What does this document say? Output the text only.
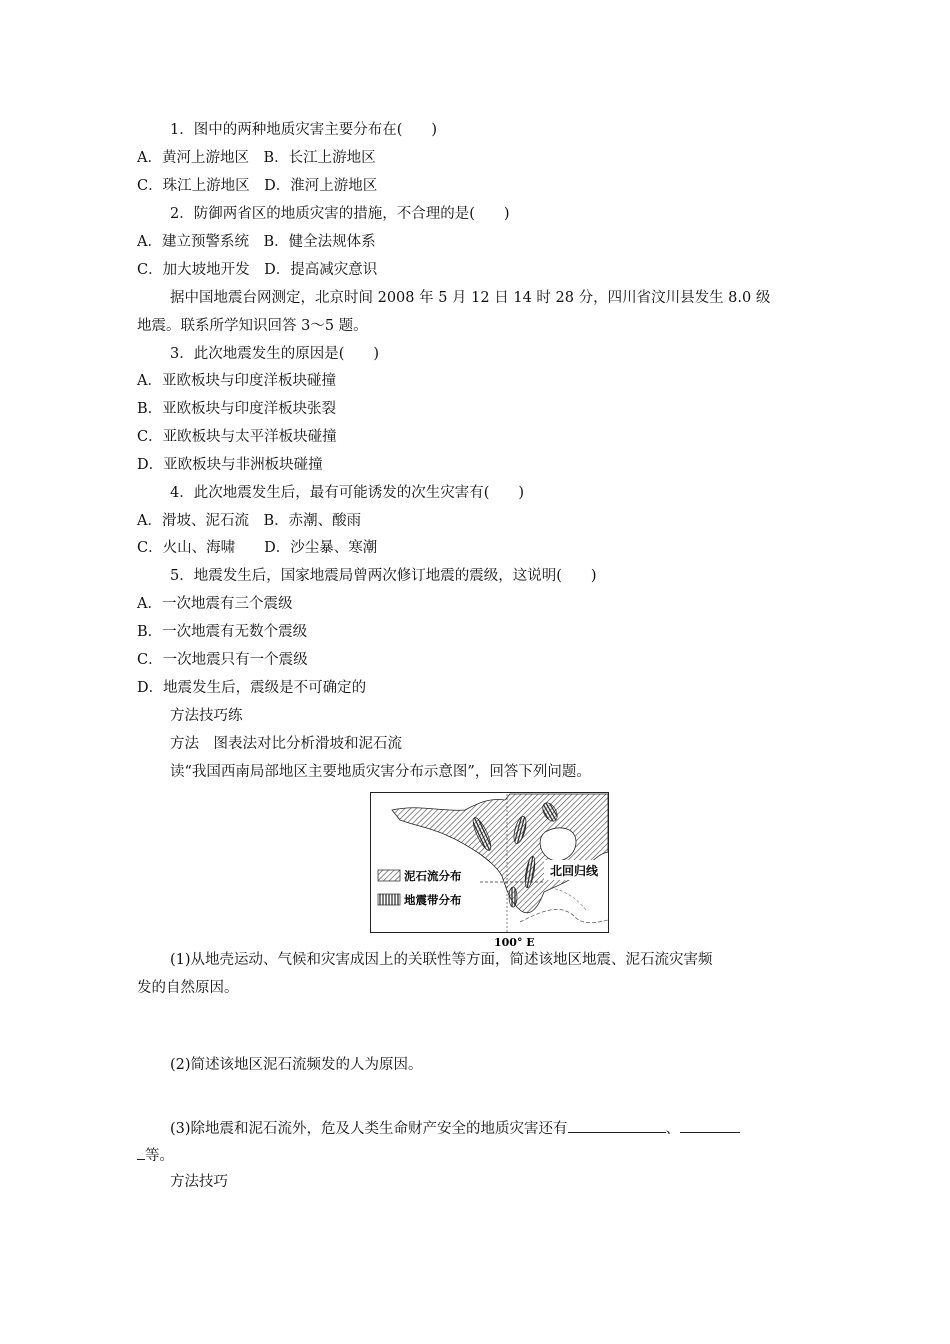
1．图中的两种地质灾害主要分布在(　　)
A．黄河上游地区　B．长江上游地区
C．珠江上游地区　D．淮河上游地区
2．防御两省区的地质灾害的措施，不合理的是(　　)
A．建立预警系统　B．健全法规体系
C．加大坡地开发　D．提高减灾意识
据中国地震台网测定，北京时间 2008 年 5 月 12 日 14 时 28 分，四川省汶川县发生 8.0 级
地震。联系所学知识回答 3～5 题。
3．此次地震发生的原因是(　　)
A．亚欧板块与印度洋板块碰撞
B．亚欧板块与印度洋板块张裂
C．亚欧板块与太平洋板块碰撞
D．亚欧板块与非洲板块碰撞
4．此次地震发生后，最有可能诱发的次生灾害有(　　)
A．滑坡、泥石流　B．赤潮、酸雨
C．火山、海啸　　D．沙尘暴、寒潮
5．地震发生后，国家地震局曾两次修订地震的震级，这说明(　　)
A．一次地震有三个震级
B．一次地震有无数个震级
C．一次地震只有一个震级
D．地震发生后，震级是不可确定的
方法技巧练
方法　图表法对比分析滑坡和泥石流
读“我国西南局部地区主要地质灾害分布示意图”，回答下列问题。
北回归线
泥石流分布
地震带分布
100° E
(1)从地壳运动、气候和灾害成因上的关联性等方面，简述该地区地震、泥石流灾害频
发的自然原因。
(2)简述该地区泥石流频发的人为原因。
(3)除地震和泥石流外，危及人类生命财产安全的地质灾害还有	、
等。
方法技巧
